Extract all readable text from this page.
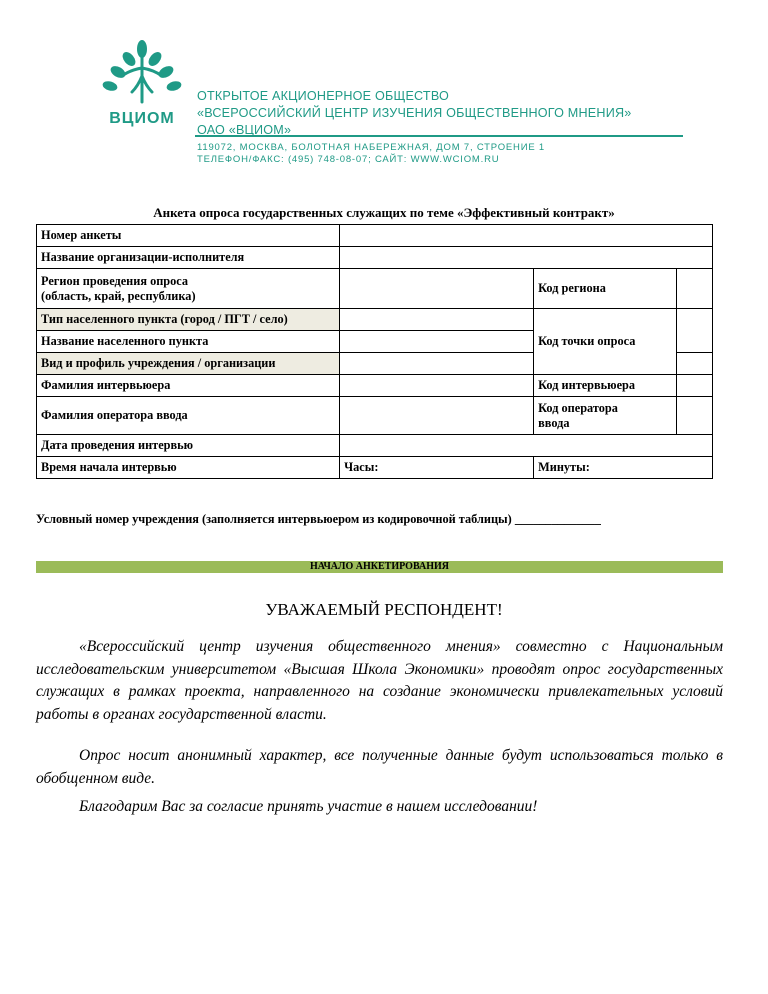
ВЦИОМ
ОТКРЫТОЕ АКЦИОНЕРНОЕ ОБЩЕСТВО
«ВСЕРОССИЙСКИЙ ЦЕНТР ИЗУЧЕНИЯ ОБЩЕСТВЕННОГО МНЕНИЯ»
ОАО «ВЦИОМ»
119072, МОСКВА, БОЛОТНАЯ НАБЕРЕЖНАЯ, ДОМ 7, СТРОЕНИЕ 1
ТЕЛЕФОН/ФАКС: (495) 748-08-07; САЙТ: WWW.WCIOM.RU
Анкета опроса государственных служащих по теме «Эффективный контракт»
Номер анкеты			
Название организации-исполнителя			
Регион проведения опроса
(область, край, республика)		Код региона	
Тип населенного пункта (город / ПГТ / село)		Код точки опроса	
Название населенного пункта			
Вид и профиль учреждения / организации			
Фамилия интервьюера		Код интервьюера	
Фамилия оператора ввода		Код оператора
ввода	
Дата проведения интервью			
Время начала интервью	Часы:	Минуты:	
Условный номер учреждения (заполняется интервьюером из кодировочной таблицы) ______________
НАЧАЛО АНКЕТИРОВАНИЯ
УВАЖАЕМЫЙ РЕСПОНДЕНТ!

«Всероссийский центр изучения общественного мнения» совместно с Национальным исследовательским университетом «Высшая Школа Экономики» проводят опрос государственных служащих в рамках проекта, направленного на создание экономически привлекательных условий работы в органах государственной власти.

Опрос носит анонимный характер, все полученные данные будут использоваться только в обобщенном виде.

Благодарим Вас за согласие принять участие в нашем исследовании!
